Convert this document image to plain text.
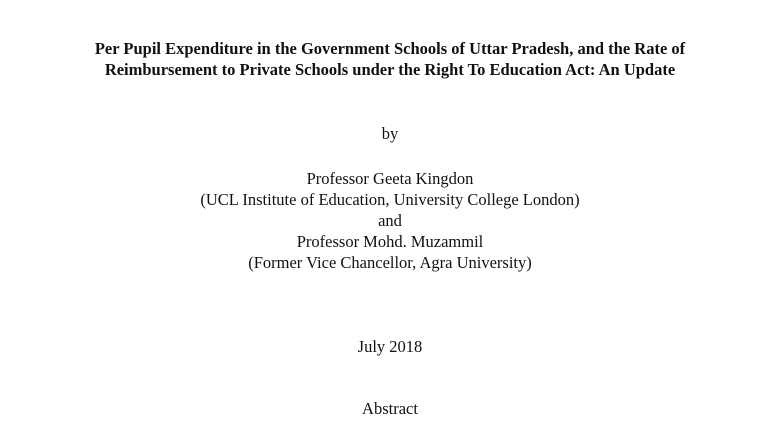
Per Pupil Expenditure in the Government Schools of Uttar Pradesh, and the Rate of
Reimbursement to Private Schools under the Right To Education Act: An Update

by

Professor Geeta Kingdon

(UCL Institute of Education, University College London)

and

Professor Mohd. Muzammil

(Former Vice Chancellor, Agra University)

July 2018

Abstract
